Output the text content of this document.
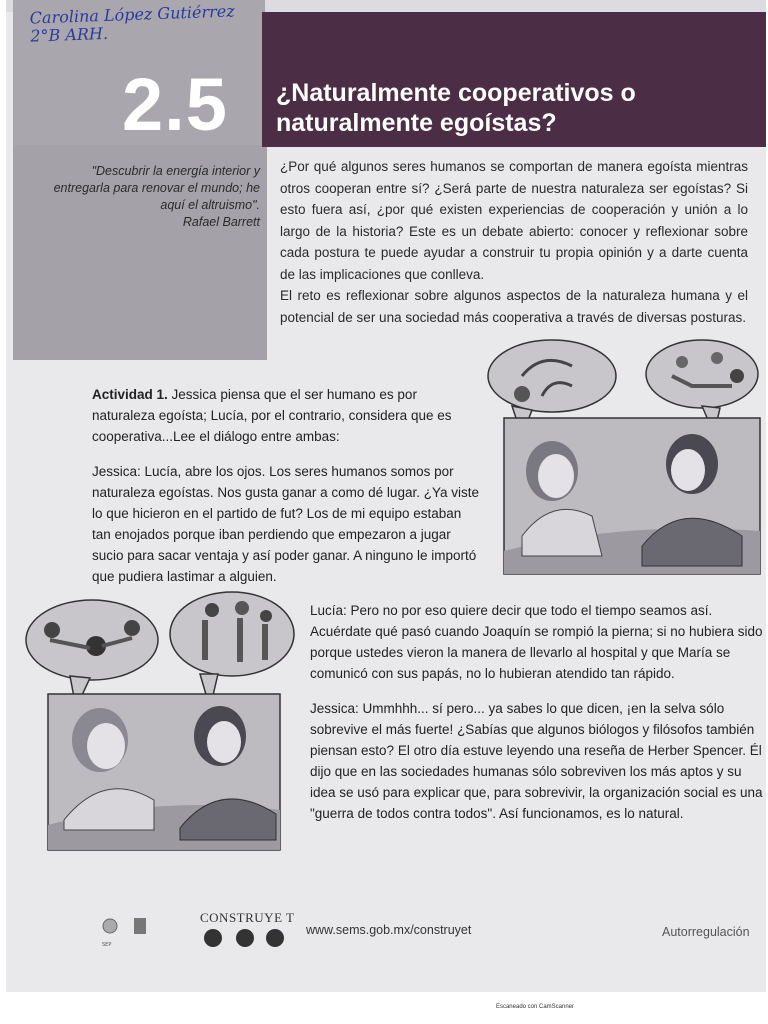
Carolina López Gutiérrez
2°B ARH.
2.5	¿Naturalmente cooperativos o
naturalmente egoístas?
"Descubrir la energía interior y entregarla para renovar el mundo; he aquí el altruismo".
Rafael Barrett

¿Por qué algunos seres humanos se comportan de manera egoísta mientras otros cooperan entre sí? ¿Será parte de nuestra naturaleza ser egoístas? Si esto fuera así, ¿por qué existen experiencias de cooperación y unión a lo largo de la historia? Este es un debate abierto: conocer y reflexionar sobre cada postura te puede ayudar a construir tu propia opinión y a darte cuenta de las implicaciones que conlleva.

El reto es reflexionar sobre algunos aspectos de la naturaleza humana y el potencial de ser una sociedad más cooperativa a través de diversas posturas.

Actividad 1. Jessica piensa que el ser humano es por naturaleza egoísta; Lucía, por el contrario, considera que es cooperativa...Lee el diálogo entre ambas:

Jessica: Lucía, abre los ojos. Los seres humanos somos por naturaleza egoístas. Nos gusta ganar a como dé lugar. ¿Ya viste lo que hicieron en el partido de fut? Los de mi equipo estaban tan enojados porque iban perdiendo que empezaron a jugar sucio para sacar ventaja y así poder ganar. A ninguno le importó que pudiera lastimar a alguien.

Lucía: Pero no por eso quiere decir que todo el tiempo seamos así. Acuérdate qué pasó cuando Joaquín se rompió la pierna; si no hubiera sido porque ustedes vieron la manera de llevarlo al hospital y que María se comunicó con sus papás, no lo hubieran atendido tan rápido.

Jessica: Ummhhh... sí pero... ya sabes lo que dicen, ¡en la selva sólo sobrevive el más fuerte! ¿Sabías que algunos biólogos y filósofos también piensan esto? El otro día estuve leyendo una reseña de Herber Spencer. Él dijo que en las sociedades humanas sólo sobreviven los más aptos y su idea se usó para explicar que, para sobrevivir, la organización social es una "guerra de todos contra todos". Así funcionamos, es lo natural.

SEP
CONSTRUYE T
www.sems.gob.mx/construyet	Autorregulación
Escaneado con CamScanner
